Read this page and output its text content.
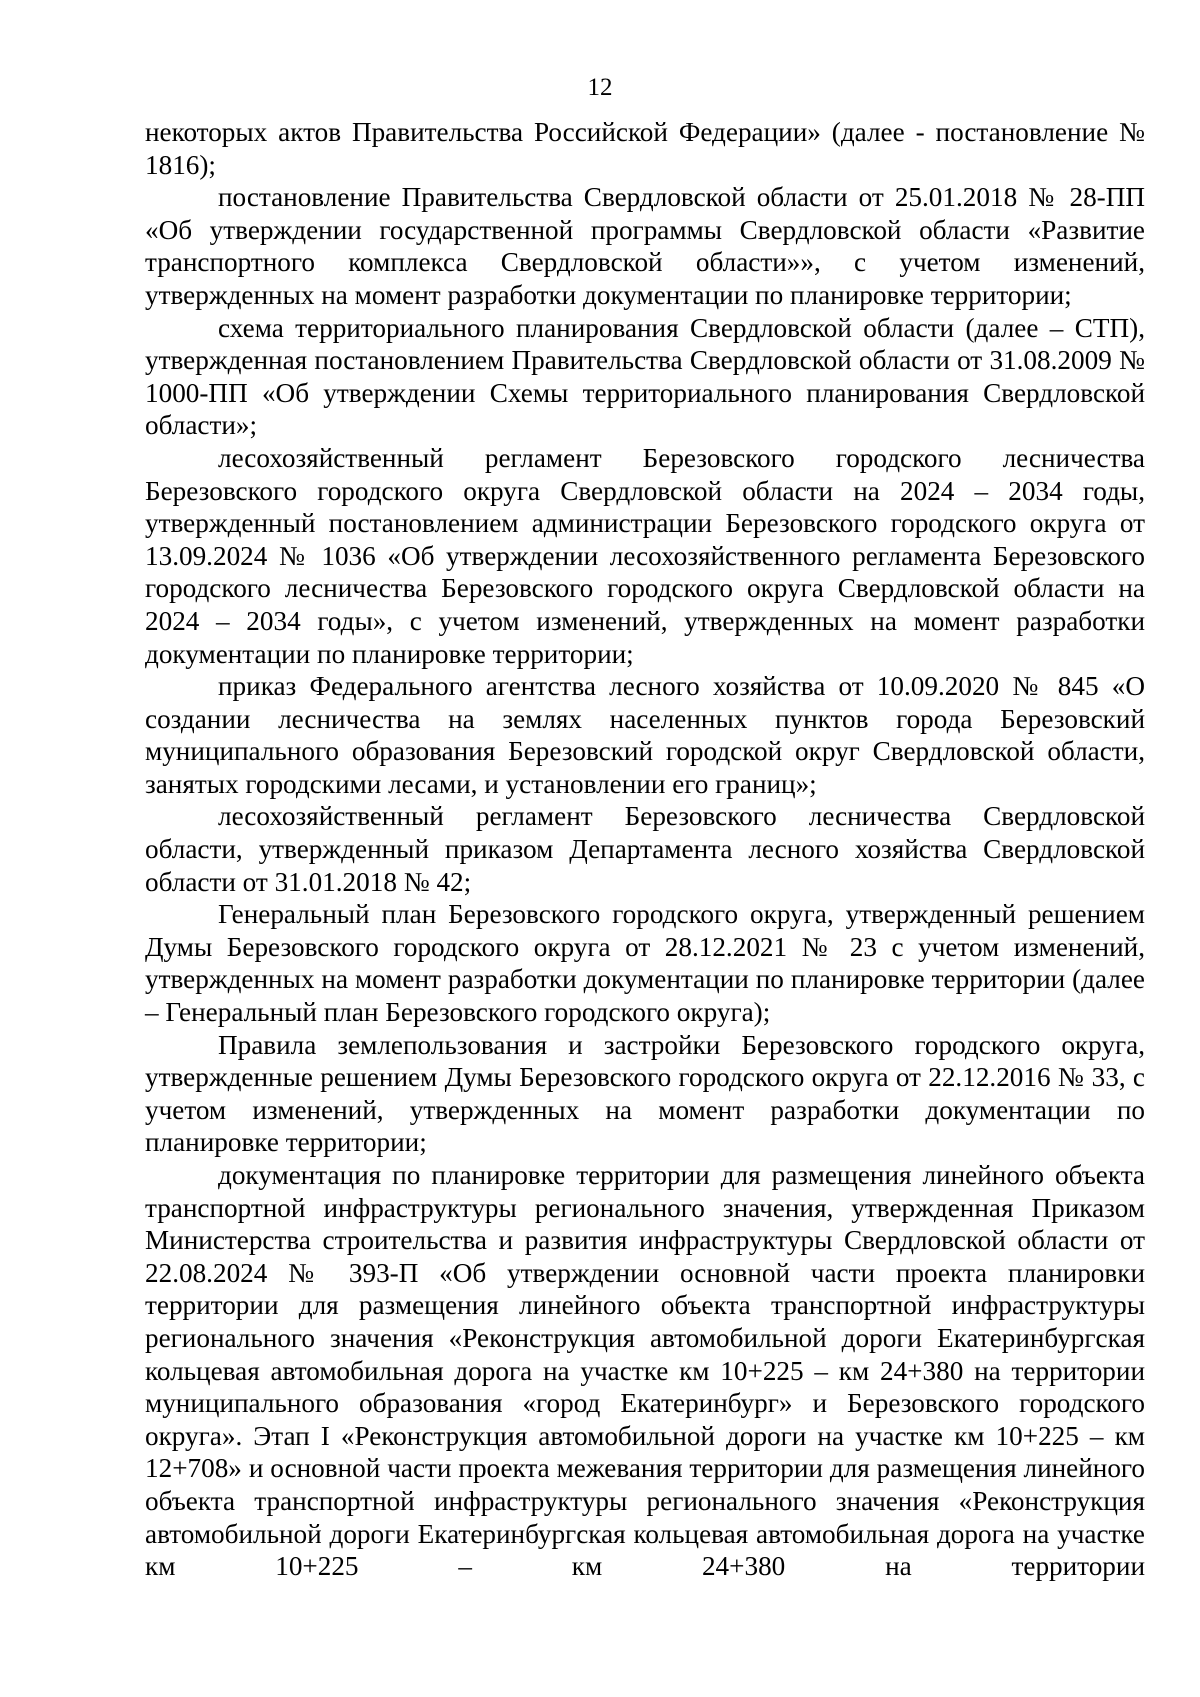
12

некоторых актов Правительства Российской Федерации» (далее - постановление № 1816);

постановление Правительства Свердловской области от 25.01.2018 № 28-ПП «Об утверждении государственной программы Свердловской области «Развитие транспортного комплекса Свердловской области»», с учетом изменений, утвержденных на момент разработки документации по планировке территории;

схема территориального планирования Свердловской области (далее – СТП), утвержденная постановлением Правительства Свердловской области от 31.08.2009 № 1000-ПП «Об утверждении Схемы территориального планирования Свердловской области»;

лесохозяйственный регламент Березовского городского лесничества Березовского городского округа Свердловской области на 2024 – 2034 годы, утвержденный постановлением администрации Березовского городского округа от 13.09.2024 № 1036 «Об утверждении лесохозяйственного регламента Березовского городского лесничества Березовского городского округа Свердловской области на 2024 – 2034 годы», с учетом изменений, утвержденных на момент разработки документации по планировке территории;

приказ Федерального агентства лесного хозяйства от 10.09.2020 № 845 «О создании лесничества на землях населенных пунктов города Березовский муниципального образования Березовский городской округ Свердловской области, занятых городскими лесами, и установлении его границ»;

лесохозяйственный регламент Березовского лесничества Свердловской области, утвержденный приказом Департамента лесного хозяйства Свердловской области от 31.01.2018 № 42;

Генеральный план Березовского городского округа, утвержденный решением Думы Березовского городского округа от 28.12.2021 № 23 с учетом изменений, утвержденных на момент разработки документации по планировке территории (далее – Генеральный план Березовского городского округа);

Правила землепользования и застройки Березовского городского округа, утвержденные решением Думы Березовского городского округа от 22.12.2016 № 33, с учетом изменений, утвержденных на момент разработки документации по планировке территории;

документация по планировке территории для размещения линейного объекта транспортной инфраструктуры регионального значения, утвержденная Приказом Министерства строительства и развития инфраструктуры Свердловской области от 22.08.2024 № 393-П «Об утверждении основной части проекта планировки территории для размещения линейного объекта транспортной инфраструктуры регионального значения «Реконструкция автомобильной дороги Екатеринбургская кольцевая автомобильная дорога на участке км 10+225 – км 24+380 на территории муниципального образования «город Екатеринбург» и Березовского городского округа». Этап I «Реконструкция автомобильной дороги на участке км 10+225 – км 12+708» и основной части проекта межевания территории для размещения линейного объекта транспортной инфраструктуры регионального значения «Реконструкция автомобильной дороги Екатеринбургская кольцевая автомобильная дорога на участке км 10+225 – км 24+380 на территории
